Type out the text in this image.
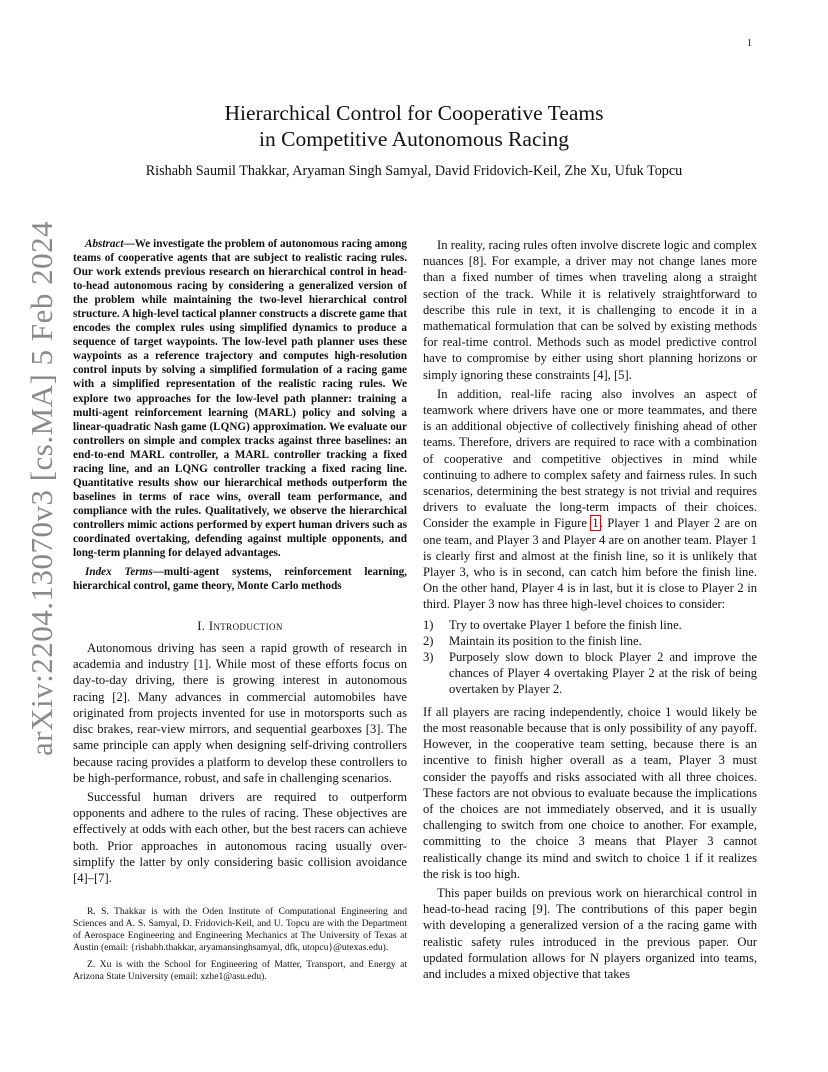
1
arXiv:2204.13070v3 [cs.MA] 5 Feb 2024
Hierarchical Control for Cooperative Teams
in Competitive Autonomous Racing
Rishabh Saumil Thakkar, Aryaman Singh Samyal, David Fridovich-Keil, Zhe Xu, Ufuk Topcu

Abstract—We investigate the problem of autonomous racing among teams of cooperative agents that are subject to realistic racing rules. Our work extends previous research on hierarchical control in head-to-head autonomous racing by considering a generalized version of the problem while maintaining the two-level hierarchical control structure. A high-level tactical planner constructs a discrete game that encodes the complex rules using simplified dynamics to produce a sequence of target waypoints. The low-level path planner uses these waypoints as a reference trajectory and computes high-resolution control inputs by solving a simplified formulation of a racing game with a simplified representation of the realistic racing rules. We explore two approaches for the low-level path planner: training a multi-agent reinforcement learning (MARL) policy and solving a linear-quadratic Nash game (LQNG) approximation. We evaluate our controllers on simple and complex tracks against three baselines: an end-to-end MARL controller, a MARL controller tracking a fixed racing line, and an LQNG controller tracking a fixed racing line. Quantitative results show our hierarchical methods outperform the baselines in terms of race wins, overall team performance, and compliance with the rules. Qualitatively, we observe the hierarchical controllers mimic actions performed by expert human drivers such as coordinated overtaking, defending against multiple opponents, and long-term planning for delayed advantages.

Index Terms—multi-agent systems, reinforcement learning, hierarchical control, game theory, Monte Carlo methods

I. Introduction

Autonomous driving has seen a rapid growth of research in academia and industry [1]. While most of these efforts focus on day-to-day driving, there is growing interest in autonomous racing [2]. Many advances in commercial automobiles have originated from projects invented for use in motorsports such as disc brakes, rear-view mirrors, and sequential gearboxes [3]. The same principle can apply when designing self-driving controllers because racing provides a platform to develop these controllers to be high-performance, robust, and safe in challenging scenarios.

Successful human drivers are required to outperform opponents and adhere to the rules of racing. These objectives are effectively at odds with each other, but the best racers can achieve both. Prior approaches in autonomous racing usually over-simplify the latter by only considering basic collision avoidance [4]–[7].

R. S. Thakkar is with the Oden Institute of Computational Engineering and Sciences and A. S. Samyal, D. Fridovich-Keil, and U. Topcu are with the Department of Aerospace Engineering and Engineering Mechanics at The University of Texas at Austin (email: {rishabh.thakkar, aryamansinghsamyal, dfk, utopcu}@utexas.edu).

Z. Xu is with the School for Engineering of Matter, Transport, and Energy at Arizona State University (email: xzhe1@asu.edu).

In reality, racing rules often involve discrete logic and complex nuances [8]. For example, a driver may not change lanes more than a fixed number of times when traveling along a straight section of the track. While it is relatively straightforward to describe this rule in text, it is challenging to encode it in a mathematical formulation that can be solved by existing methods for real-time control. Methods such as model predictive control have to compromise by either using short planning horizons or simply ignoring these constraints [4], [5].

In addition, real-life racing also involves an aspect of teamwork where drivers have one or more teammates, and there is an additional objective of collectively finishing ahead of other teams. Therefore, drivers are required to race with a combination of cooperative and competitive objectives in mind while continuing to adhere to complex safety and fairness rules. In such scenarios, determining the best strategy is not trivial and requires drivers to evaluate the long-term impacts of their choices. Consider the example in Figure 1. Player 1 and Player 2 are on one team, and Player 3 and Player 4 are on another team. Player 1 is clearly first and almost at the finish line, so it is unlikely that Player 3, who is in second, can catch him before the finish line. On the other hand, Player 4 is in last, but it is close to Player 2 in third. Player 3 now has three high-level choices to consider:

1)	Try to overtake Player 1 before the finish line.
2)	Maintain its position to the finish line.
3)	Purposely slow down to block Player 2 and improve the chances of Player 4 overtaking Player 2 at the risk of being overtaken by Player 2.

If all players are racing independently, choice 1 would likely be the most reasonable because that is only possibility of any payoff. However, in the cooperative team setting, because there is an incentive to finish higher overall as a team, Player 3 must consider the payoffs and risks associated with all three choices. These factors are not obvious to evaluate because the implications of the choices are not immediately observed, and it is usually challenging to switch from one choice to another. For example, committing to the choice 3 means that Player 3 cannot realistically change its mind and switch to choice 1 if it realizes the risk is too high.

This paper builds on previous work on hierarchical control in head-to-head racing [9]. The contributions of this paper begin with developing a generalized version of a the racing game with realistic safety rules introduced in the previous paper. Our updated formulation allows for N players organized into teams, and includes a mixed objective that takes
